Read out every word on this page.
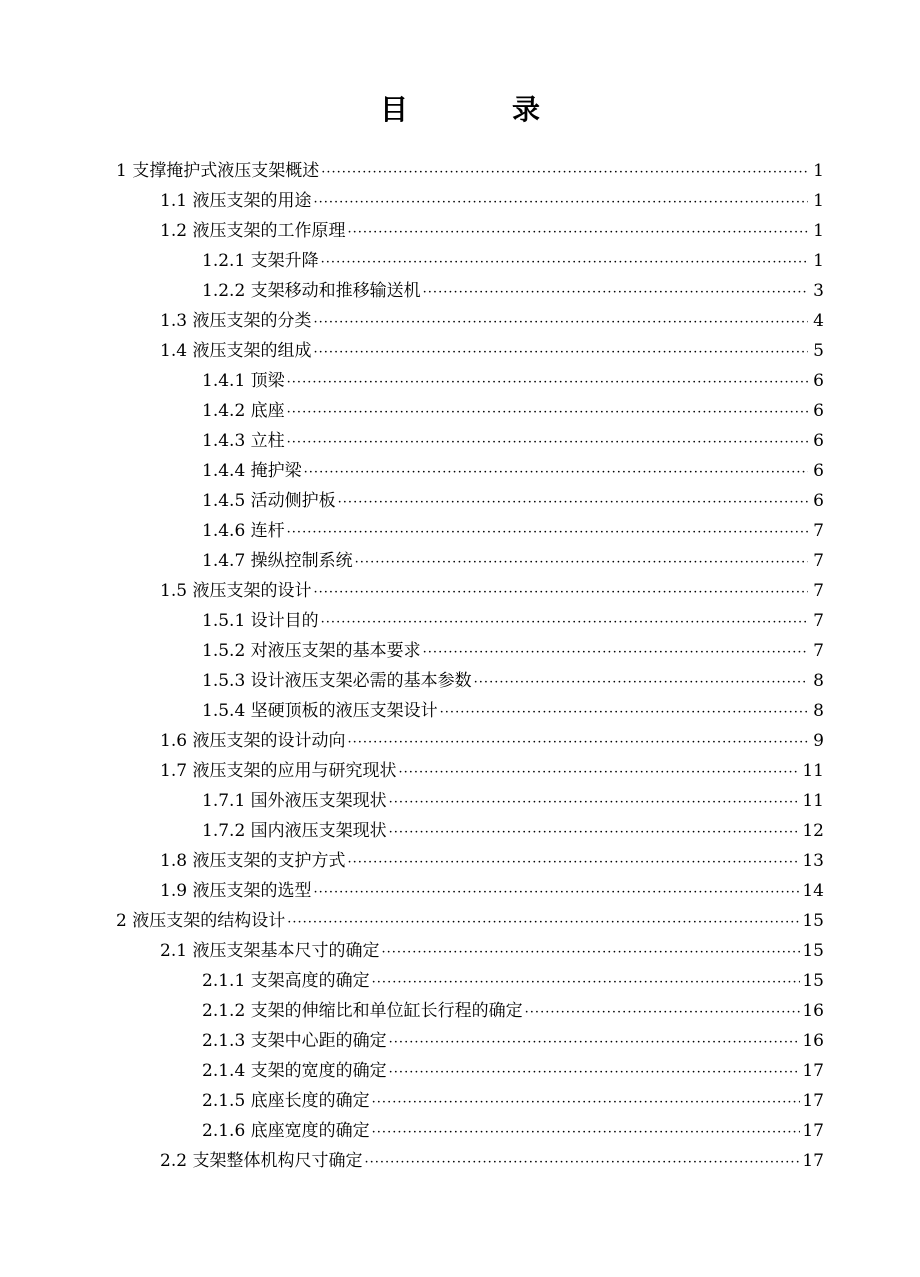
目　录
1 支撑掩护式液压支架概述 ·····	1
1.1 液压支架的用途 ·····	1
1.2 液压支架的工作原理 ·····	1
1.2.1 支架升降 ·····	1
1.2.2 支架移动和推移输送机 ·····	3
1.3 液压支架的分类 ·····	4
1.4 液压支架的组成 ·····	5
1.4.1 顶梁 ·····	6
1.4.2 底座 ·····	6
1.4.3 立柱 ·····	6
1.4.4 掩护梁 ·····	6
1.4.5 活动侧护板 ·····	6
1.4.6 连杆 ·····	7
1.4.7 操纵控制系统 ·····	7
1.5 液压支架的设计 ·····	7
1.5.1 设计目的 ·····	7
1.5.2 对液压支架的基本要求 ·····	7
1.5.3 设计液压支架必需的基本参数 ·····	8
1.5.4 坚硬顶板的液压支架设计 ·····	8
1.6 液压支架的设计动向 ·····	9
1.7 液压支架的应用与研究现状 ·····	11
1.7.1 国外液压支架现状 ·····	11
1.7.2 国内液压支架现状 ·····	12
1.8 液压支架的支护方式 ·····	13
1.9 液压支架的选型 ·····	14
2 液压支架的结构设计 ·····	15
2.1 液压支架基本尺寸的确定 ·····	15
2.1.1 支架高度的确定 ·····	15
2.1.2 支架的伸缩比和单位缸长行程的确定 ·····	16
2.1.3 支架中心距的确定 ·····	16
2.1.4 支架的宽度的确定 ·····	17
2.1.5 底座长度的确定 ·····	17
2.1.6 底座宽度的确定 ·····	17
2.2 支架整体机构尺寸确定 ·····	17
